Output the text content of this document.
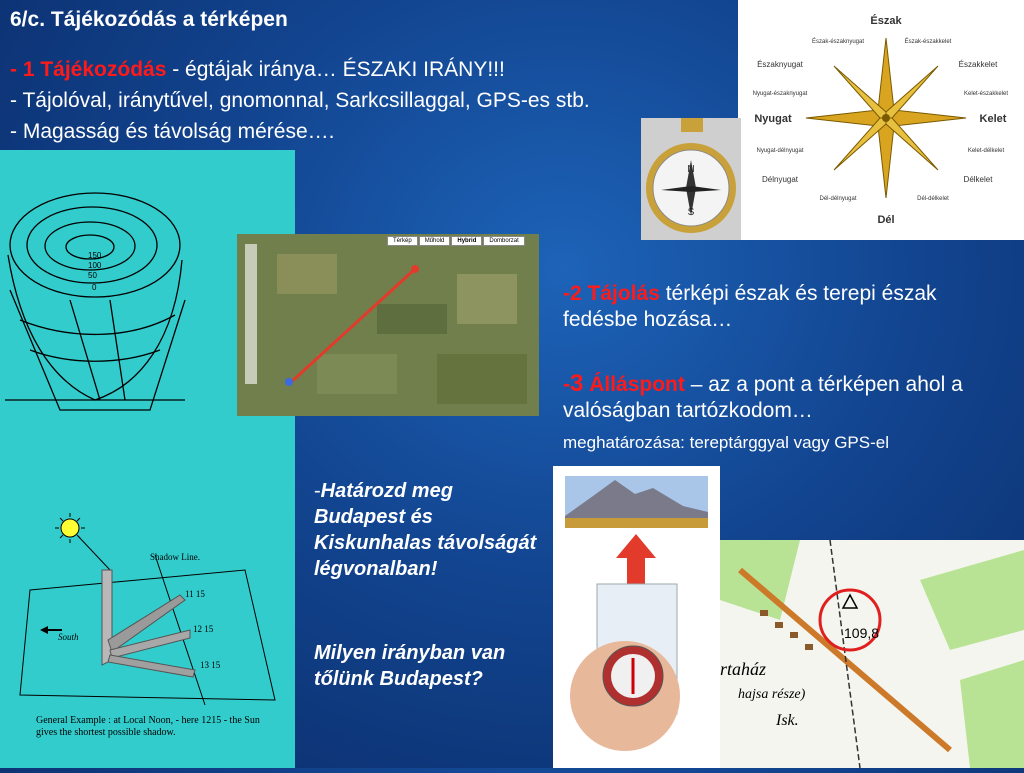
6/c. Tájékozódás a térképen
- 1 Tájékozódás - égtájak iránya… ÉSZAKI IRÁNY!!!
- Tájolóval, iránytűvel, gnomonnal, Sarkcsillaggal, GPS-es stb.
- Magasság és távolság mérése….
150
100
50
0
Shadow Line.
11 15
12 15
13 15
South
General Example : at Local Noon, - here 1215 - the Sun gives the shortest possible shadow.
Észak
Dél
Kelet
Nyugat
Északkelet
Északnyugat
Délkelet
Délnyugat
Észak-északkelet
Észak-északnyugat
Kelet-északkelet
Kelet-délkelet
Nyugat-északnyugat
Nyugat-délnyugat
Dél-délnyugat	Dél-délkelet
N
S
Térkép	Műhold	Hybrid	Domborzat
-2 Tájolás térképi észak és terepi észak fedésbe hozása…
-3 Álláspont – az a pont a térképen ahol a valóságban tartózkodom…
meghatározása: tereptárggyal vagy GPS-el
-Határozd meg Budapest és Kiskunhalas távolságát légvonalban!
Milyen irányban van tőlünk Budapest?
109,8
rtaház
hajsa része)
Isk.
